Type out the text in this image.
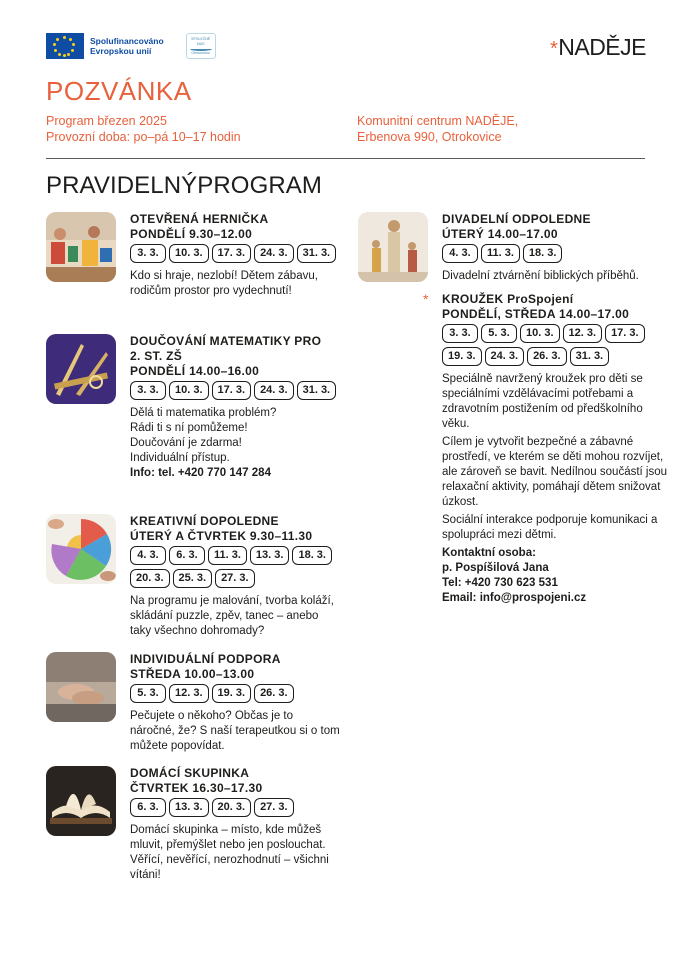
Spolufinancováno
Evropskou unií
SPOLEČNĚ
MAS
Otrokovicko	*NADĚJE
POZVÁNKA
Program březen 2025
Provozní doba: po–pá 10–17 hodin
Komunitní centrum NADĚJE,
Erbenova 990, Otrokovice
PRAVIDELNÝPROGRAM
OTEVŘENÁ HERNIČKA
PONDĚLÍ 9.30–12.00
3. 3.	10. 3.	17. 3.	24. 3.	31. 3.

Kdo si hraje, nezlobí! Dětem zábavu, rodičům prostor pro vydechnutí!

DOUČOVÁNÍ MATEMATIKY PRO
2. ST. ZŠ
PONDĚLÍ 14.00–16.00
3. 3.	10. 3.	17. 3.	24. 3.	31. 3.
Dělá ti matematika problém?
Rádi ti s ní pomůžeme!
Doučování je zdarma!
Individuální přístup.
Info: tel. +420 770 147 284
KREATIVNÍ DOPOLEDNE
ÚTERÝ A ČTVRTEK 9.30–11.30
4. 3.	6. 3.	11. 3.	13. 3.	18. 3.
20. 3.	25. 3.	27. 3.

Na programu je malování, tvorba koláží, skládání puzzle, zpěv, tanec – anebo taky všechno dohromady?

INDIVIDUÁLNÍ PODPORA
STŘEDA 10.00–13.00
5. 3.	12. 3.	19. 3.	26. 3.

Pečujete o někoho? Občas je to náročné, že? S naší terapeutkou si o tom můžete popovídat.

DOMÁCÍ SKUPINKA
ČTVRTEK 16.30–17.30
6. 3.	13. 3.	20. 3.	27. 3.

Domácí skupinka – místo, kde můžeš mluvit, přemýšlet nebo jen poslouchat. Věřící, nevěřící, nerozhodnutí – všichni vítáni!

DIVADELNÍ ODPOLEDNE
ÚTERÝ 14.00–17.00
4. 3.	11. 3.	18. 3.

Divadelní ztvárnění biblických příběhů.

* KROUŽEK ProSpojení
PONDĚLÍ, STŘEDA 14.00–17.00
3. 3.	5. 3.	10. 3.	12. 3.	17. 3.
19. 3.	24. 3.	26. 3.	31. 3.

Speciálně navržený kroužek pro děti se speciálními vzdělávacími potřebami a zdravotním postižením od předškolního věku.

Cílem je vytvořit bezpečné a zábavné prostředí, ve kterém se děti mohou rozvíjet, ale zároveň se bavit. Nedílnou součástí jsou relaxační aktivity, pomáhají dětem snižovat úzkost.

Sociální interakce podporuje komunikaci a spolupráci mezi dětmi.

Kontaktní osoba:
p. Pospíšilová Jana
Tel: +420 730 623 531
Email: info@prospojeni.cz
